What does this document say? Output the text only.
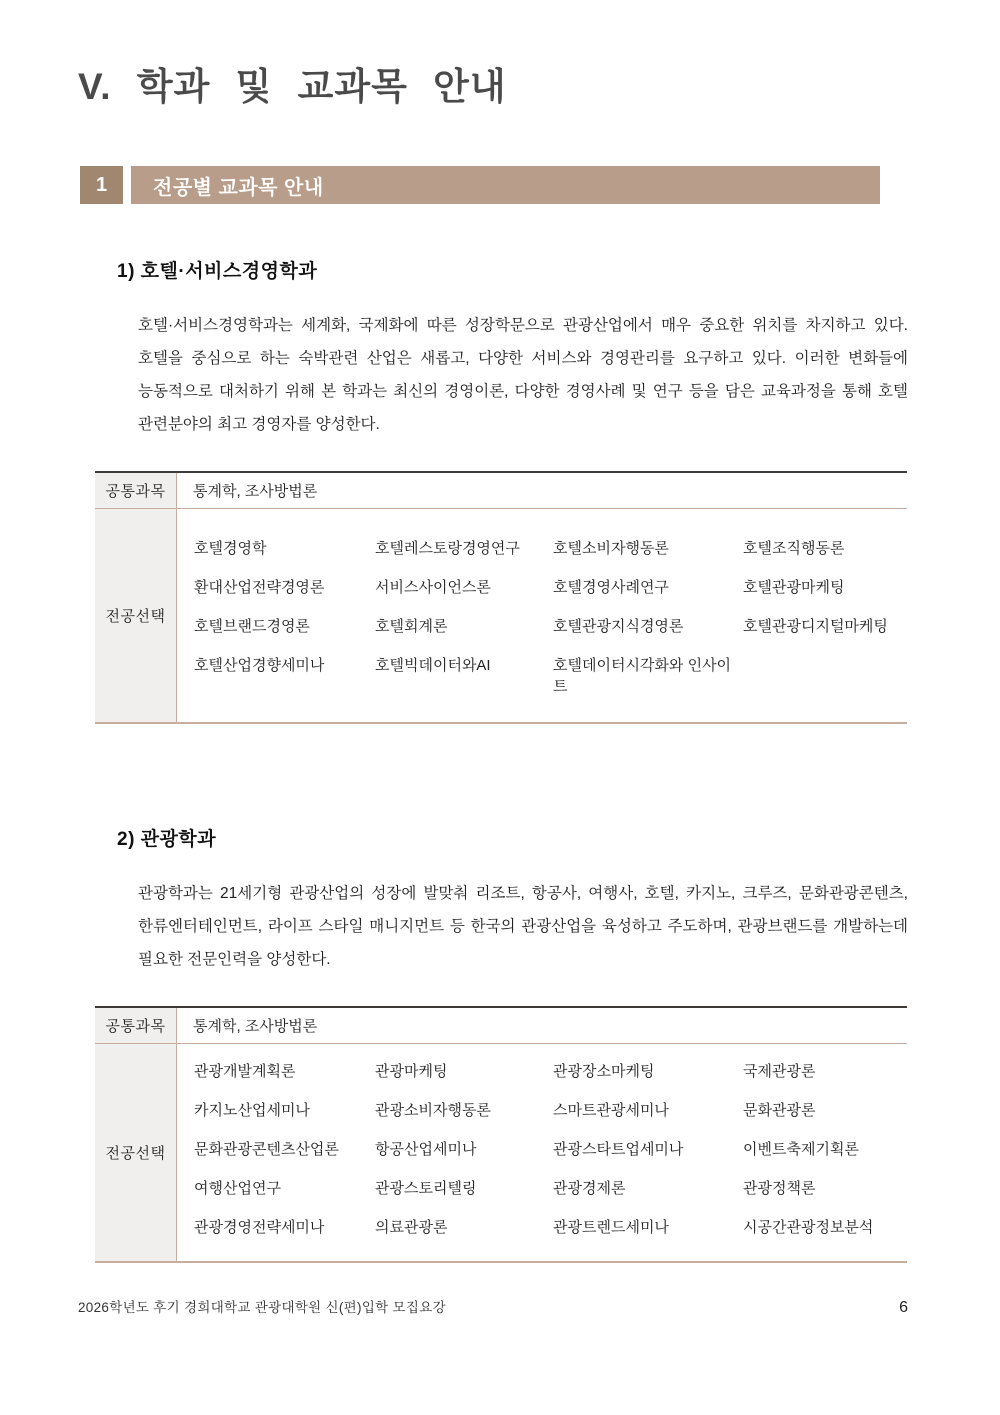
V. 학과 및 교과목 안내
1	전공별 교과목 안내
1) 호텔·서비스경영학과

호텔·서비스경영학과는 세계화, 국제화에 따른 성장학문으로 관광산업에서 매우 중요한 위치를 차지하고 있다. 호텔을 중심으로 하는 숙박관련 산업은 새롭고, 다양한 서비스와 경영관리를 요구하고 있다. 이러한 변화들에 능동적으로 대처하기 위해 본 학과는 최신의 경영이론, 다양한 경영사례 및 연구 등을 담은 교육과정을 통해 호텔 관련분야의 최고 경영자를 양성한다.

공통과목	통계학, 조사방법론
전공선택
호텔경영학	호텔레스토랑경영연구	호텔소비자행동론	호텔조직행동론
환대산업전략경영론	서비스사이언스론	호텔경영사례연구	호텔관광마케팅
호텔브랜드경영론	호텔회계론	호텔관광지식경영론	호텔관광디지털마케팅
호텔산업경향세미나	호텔빅데이터와AI	호텔데이터시각화와 인사이트
2) 관광학과

관광학과는 21세기형 관광산업의 성장에 발맞춰 리조트, 항공사, 여행사, 호텔, 카지노, 크루즈, 문화관광콘텐츠, 한류엔터테인먼트, 라이프 스타일 매니지먼트 등 한국의 관광산업을 육성하고 주도하며, 관광브랜드를 개발하는데 필요한 전문인력을 양성한다.

공통과목	통계학, 조사방법론
전공선택
관광개발계획론	관광마케팅	관광장소마케팅	국제관광론
카지노산업세미나	관광소비자행동론	스마트관광세미나	문화관광론
문화관광콘텐츠산업론	항공산업세미나	관광스타트업세미나	이벤트축제기획론
여행산업연구	관광스토리텔링	관광경제론	관광정책론
관광경영전략세미나	의료관광론	관광트렌드세미나	시공간관광정보분석
2026학년도 후기 경희대학교 관광대학원 신(편)입학 모집요강	6
